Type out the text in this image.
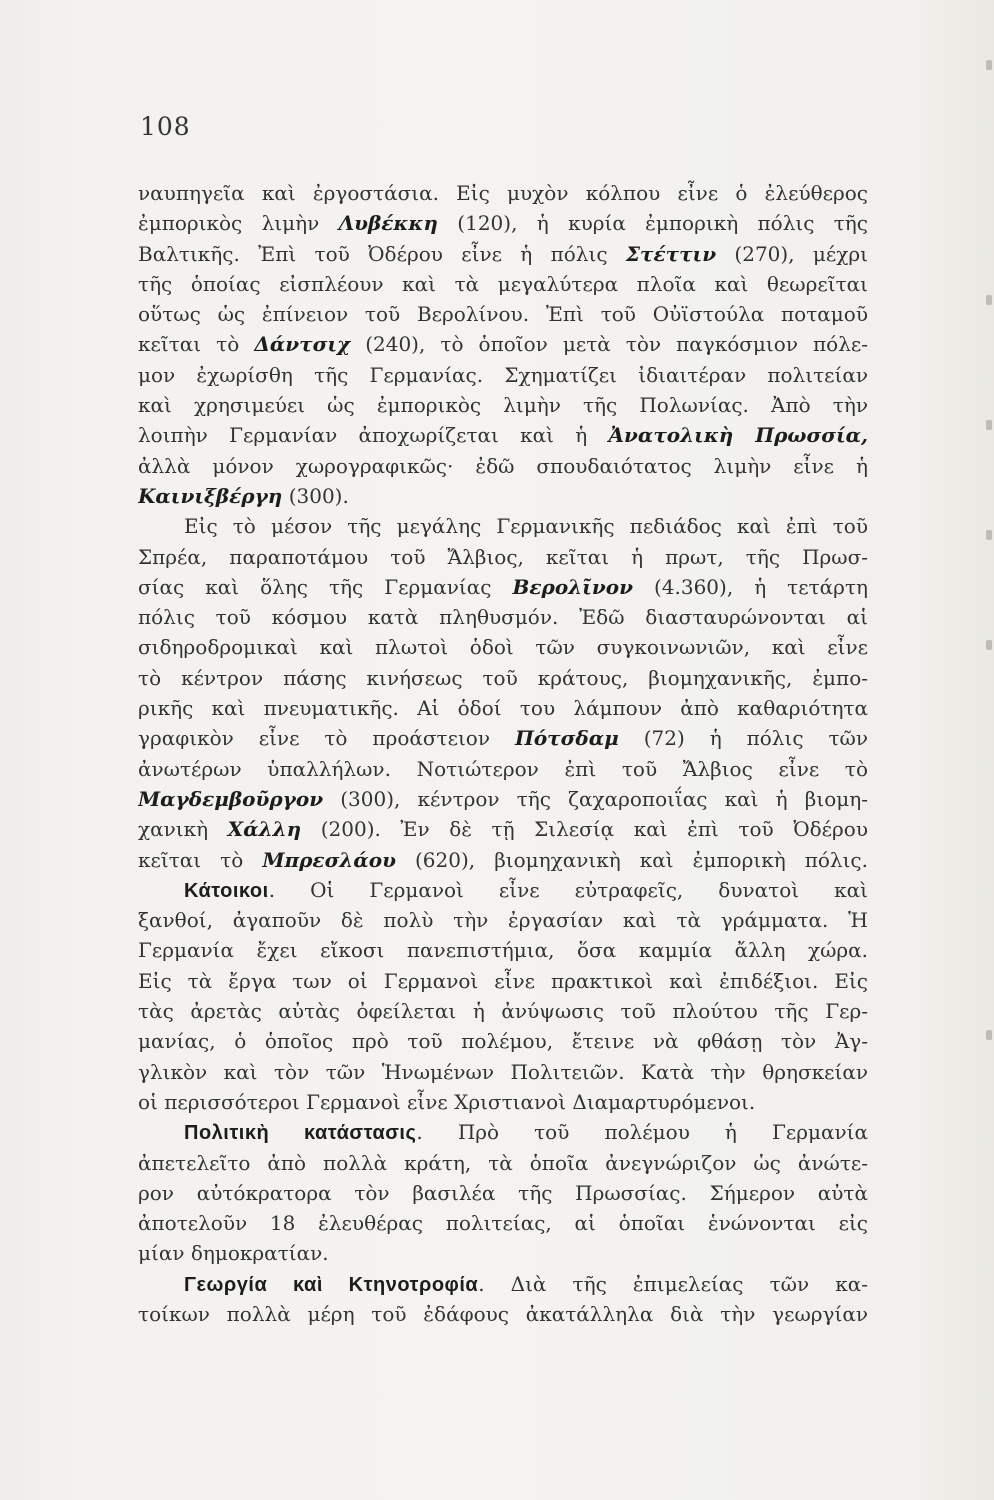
108
ναυπηγεῖα καὶ ἐργοστάσια. Εἰς μυχὸν κόλπου εἶνε ὁ ἐλεύθερος
ἐμπορικὸς λιμὴν Λυβέκκη (120), ἡ κυρία ἐμπορικὴ πόλις τῆς
Βαλτικῆς. Ἐπὶ τοῦ Ὀδέρου εἶνε ἡ πόλις Στέττιν (270), μέχρι
τῆς ὁποίας εἰσπλέουν καὶ τὰ μεγαλύτερα πλοῖα καὶ θεωρεῖται
οὕτως ὡς ἐπίνειον τοῦ Βερολίνου. Ἐπὶ τοῦ Οὐϊστούλα ποταμοῦ
κεῖται τὸ Δάντσιχ (240), τὸ ὁποῖον μετὰ τὸν παγκόσμιον πόλε-
μον ἐχωρίσθη τῆς Γερμανίας. Σχηματίζει ἰδιαιτέραν πολιτείαν
καὶ χρησιμεύει ὡς ἐμπορικὸς λιμὴν τῆς Πολωνίας. Ἀπὸ τὴν
λοιπὴν Γερμανίαν ἀποχωρίζεται καὶ ἡ Ἀνατολικὴ Πρωσσία,
ἀλλὰ μόνον χωρογραφικῶς· ἐδῶ σπουδαιότατος λιμὴν εἶνε ἡ
Καινιξβέργη (300).
Εἰς τὸ μέσον τῆς μεγάλης Γερμανικῆς πεδιάδος καὶ ἐπὶ τοῦ
Σπρέα, παραποτάμου τοῦ Ἄλβιος, κεῖται ἡ πρωτ, τῆς Πρωσ-
σίας καὶ ὅλης τῆς Γερμανίας Βερολῖνον (4.360), ἡ τετάρτη
πόλις τοῦ κόσμου κατὰ πληθυσμόν. Ἐδῶ διασταυρώνονται αἱ
σιδηροδρομικαὶ καὶ πλωτοὶ ὁδοὶ τῶν συγκοινωνιῶν, καὶ εἶνε
τὸ κέντρον πάσης κινήσεως τοῦ κράτους, βιομηχανικῆς, ἐμπο-
ρικῆς καὶ πνευματικῆς. Αἱ ὁδοί του λάμπουν ἀπὸ καθαριότητα
γραφικὸν εἶνε τὸ προάστειον Πότσδαμ (72) ἡ πόλις τῶν
ἀνωτέρων ὑπαλλήλων. Νοτιώτερον ἐπὶ τοῦ Ἄλβιος εἶνε τὸ
Μαγδεμβοῦργον (300), κέντρον τῆς ζαχαροποιΐας καὶ ἡ βιομη-
χανικὴ Χάλλη (200). Ἐν δὲ τῇ Σιλεσίᾳ καὶ ἐπὶ τοῦ Ὀδέρου
κεῖται τὸ Μπρεσλάου (620), βιομηχανικὴ καὶ ἐμπορικὴ πόλις.
Κάτοικοι. Οἱ Γερμανοὶ εἶνε εὐτραφεῖς, δυνατοὶ καὶ
ξανθοί, ἀγαποῦν δὲ πολὺ τὴν ἐργασίαν καὶ τὰ γράμματα. Ἡ
Γερμανία ἔχει εἴκοσι πανεπιστήμια, ὅσα καμμία ἄλλη χώρα.
Εἰς τὰ ἔργα των οἱ Γερμανοὶ εἶνε πρακτικοὶ καὶ ἐπιδέξιοι. Εἰς
τὰς ἀρετὰς αὐτὰς ὀφείλεται ἡ ἀνύψωσις τοῦ πλούτου τῆς Γερ-
μανίας, ὁ ὁποῖος πρὸ τοῦ πολέμου, ἔτεινε νὰ φθάσῃ τὸν Ἀγ-
γλικὸν καὶ τὸν τῶν Ἡνωμένων Πολιτειῶν. Κατὰ τὴν θρησκείαν
οἱ περισσότεροι Γερμανοὶ εἶνε Χριστιανοὶ Διαμαρτυρόμενοι.
Πολιτικὴ κατάστασις. Πρὸ τοῦ πολέμου ἡ Γερμανία
ἀπετελεῖτο ἀπὸ πολλὰ κράτη, τὰ ὁποῖα ἀνεγνώριζον ὡς ἀνώτε-
ρον αὐτόκρατορα τὸν βασιλέα τῆς Πρωσσίας. Σήμερον αὐτὰ
ἀποτελοῦν 18 ἐλευθέρας πολιτείας, αἱ ὁποῖαι ἑνώνονται εἰς
μίαν δημοκρατίαν.
Γεωργία καὶ Κτηνοτροφία. Διὰ τῆς ἐπιμελείας τῶν κα-
τοίκων πολλὰ μέρη τοῦ ἐδάφους ἀκατάλληλα διὰ τὴν γεωργίαν
